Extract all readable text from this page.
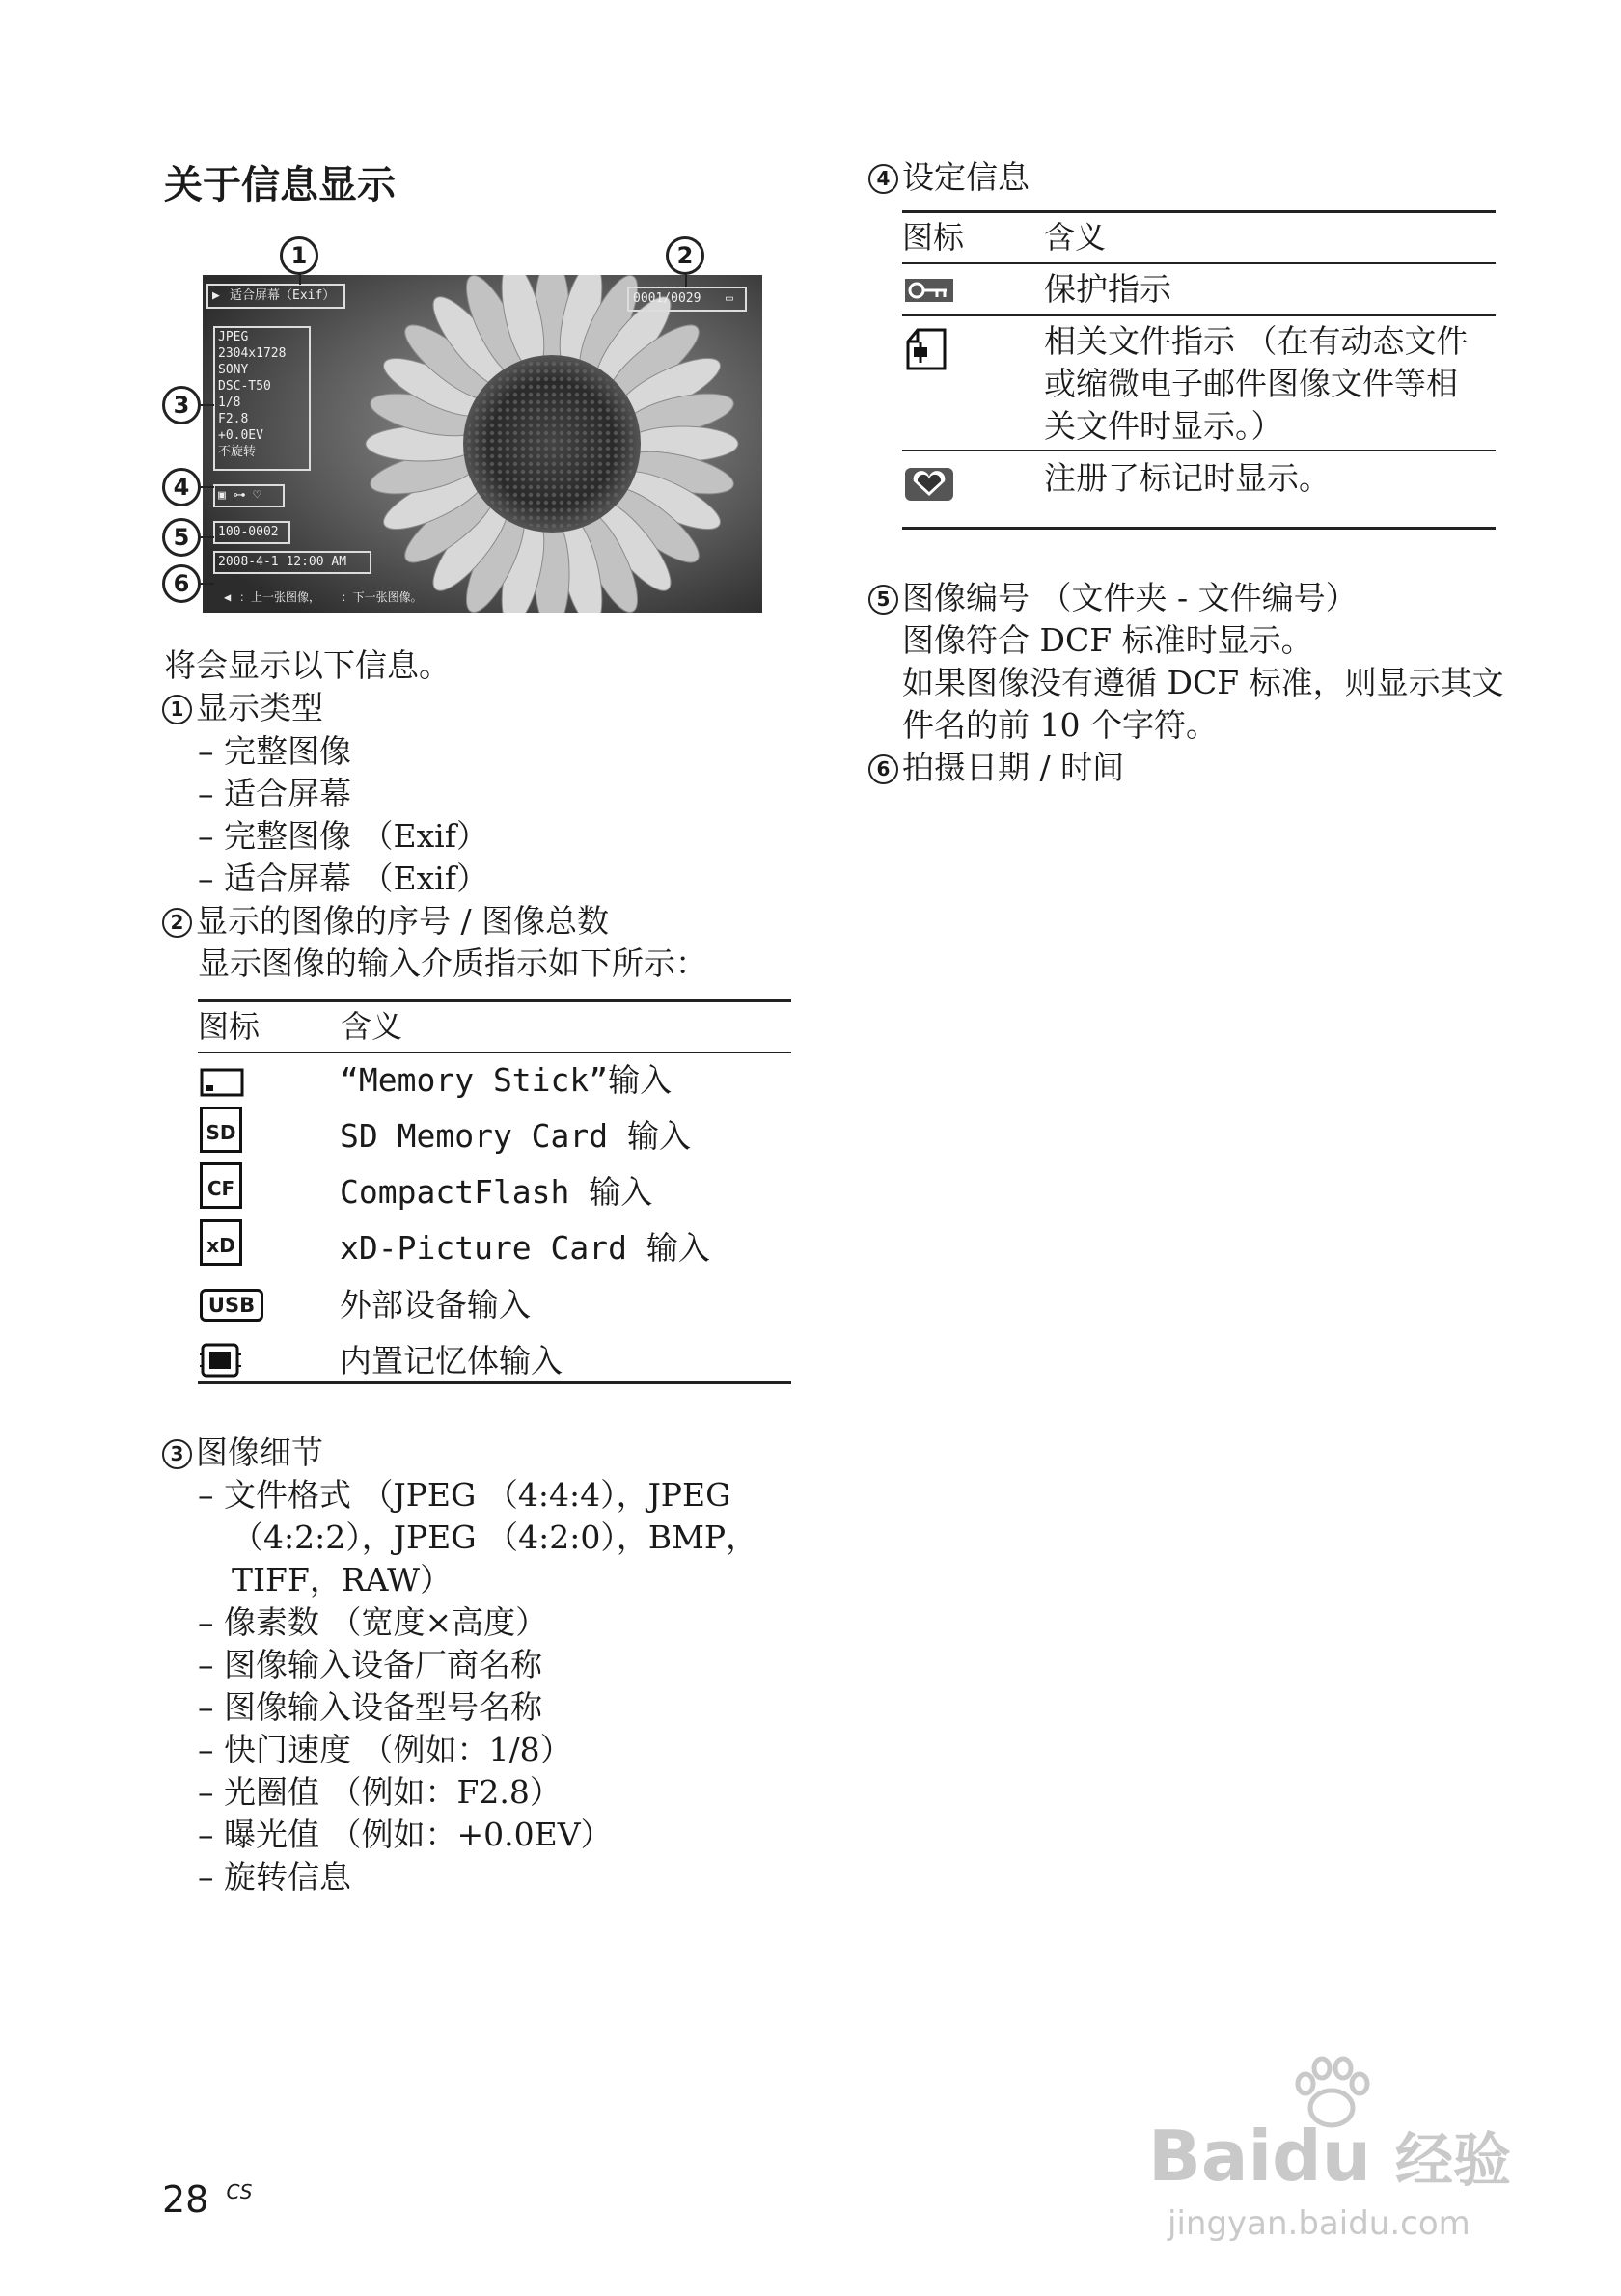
关于信息显示
▶ 适合屏幕（Exif）	0001/0029 ▭
JPEG
2304x1728
SONY
DSC-T50
1/8
F2.8
+0.0EV
不旋转
▣ ⊶ ♡
100-0002
2008-4-1 12:00 AM
◀ ：上一张图像，   ：下一张图像。
1	2
3
4
5
6
将会显示以下信息。
1 显示类型
– 完整图像
– 适合屏幕
– 完整图像 （Exif）
– 适合屏幕 （Exif）
2 显示的图像的序号 / 图像总数
显示图像的输入介质指示如下所示：
图标	含义
“Memory Stick”输入
SD	SD Memory Card 输入
CF	CompactFlash 输入
xD	xD-Picture Card 输入
USB	外部设备输入
内置记忆体输入
3 图像细节
– 文件格式 （JPEG （4:4:4），JPEG
（4:2:2），JPEG （4:2:0），BMP，
TIFF，RAW）
– 像素数 （宽度×高度）
– 图像输入设备厂商名称
– 图像输入设备型号名称
– 快门速度 （例如：1/8）
– 光圈值 （例如：F2.8）
– 曝光值 （例如：+0.0EV）
– 旋转信息
4 设定信息
图标	含义
保护指示
相关文件指示 （在有动态文件
或缩微电子邮件图像文件等相
关文件时显示。）
注册了标记时显示。
5 图像编号 （文件夹 - 文件编号）
图像符合 DCF 标准时显示。
如果图像没有遵循 DCF 标准，则显示其文
件名的前 10 个字符。
6 拍摄日期 / 时间
28 $^{CS}$	Baidu 经验
jingyan.baidu.com
